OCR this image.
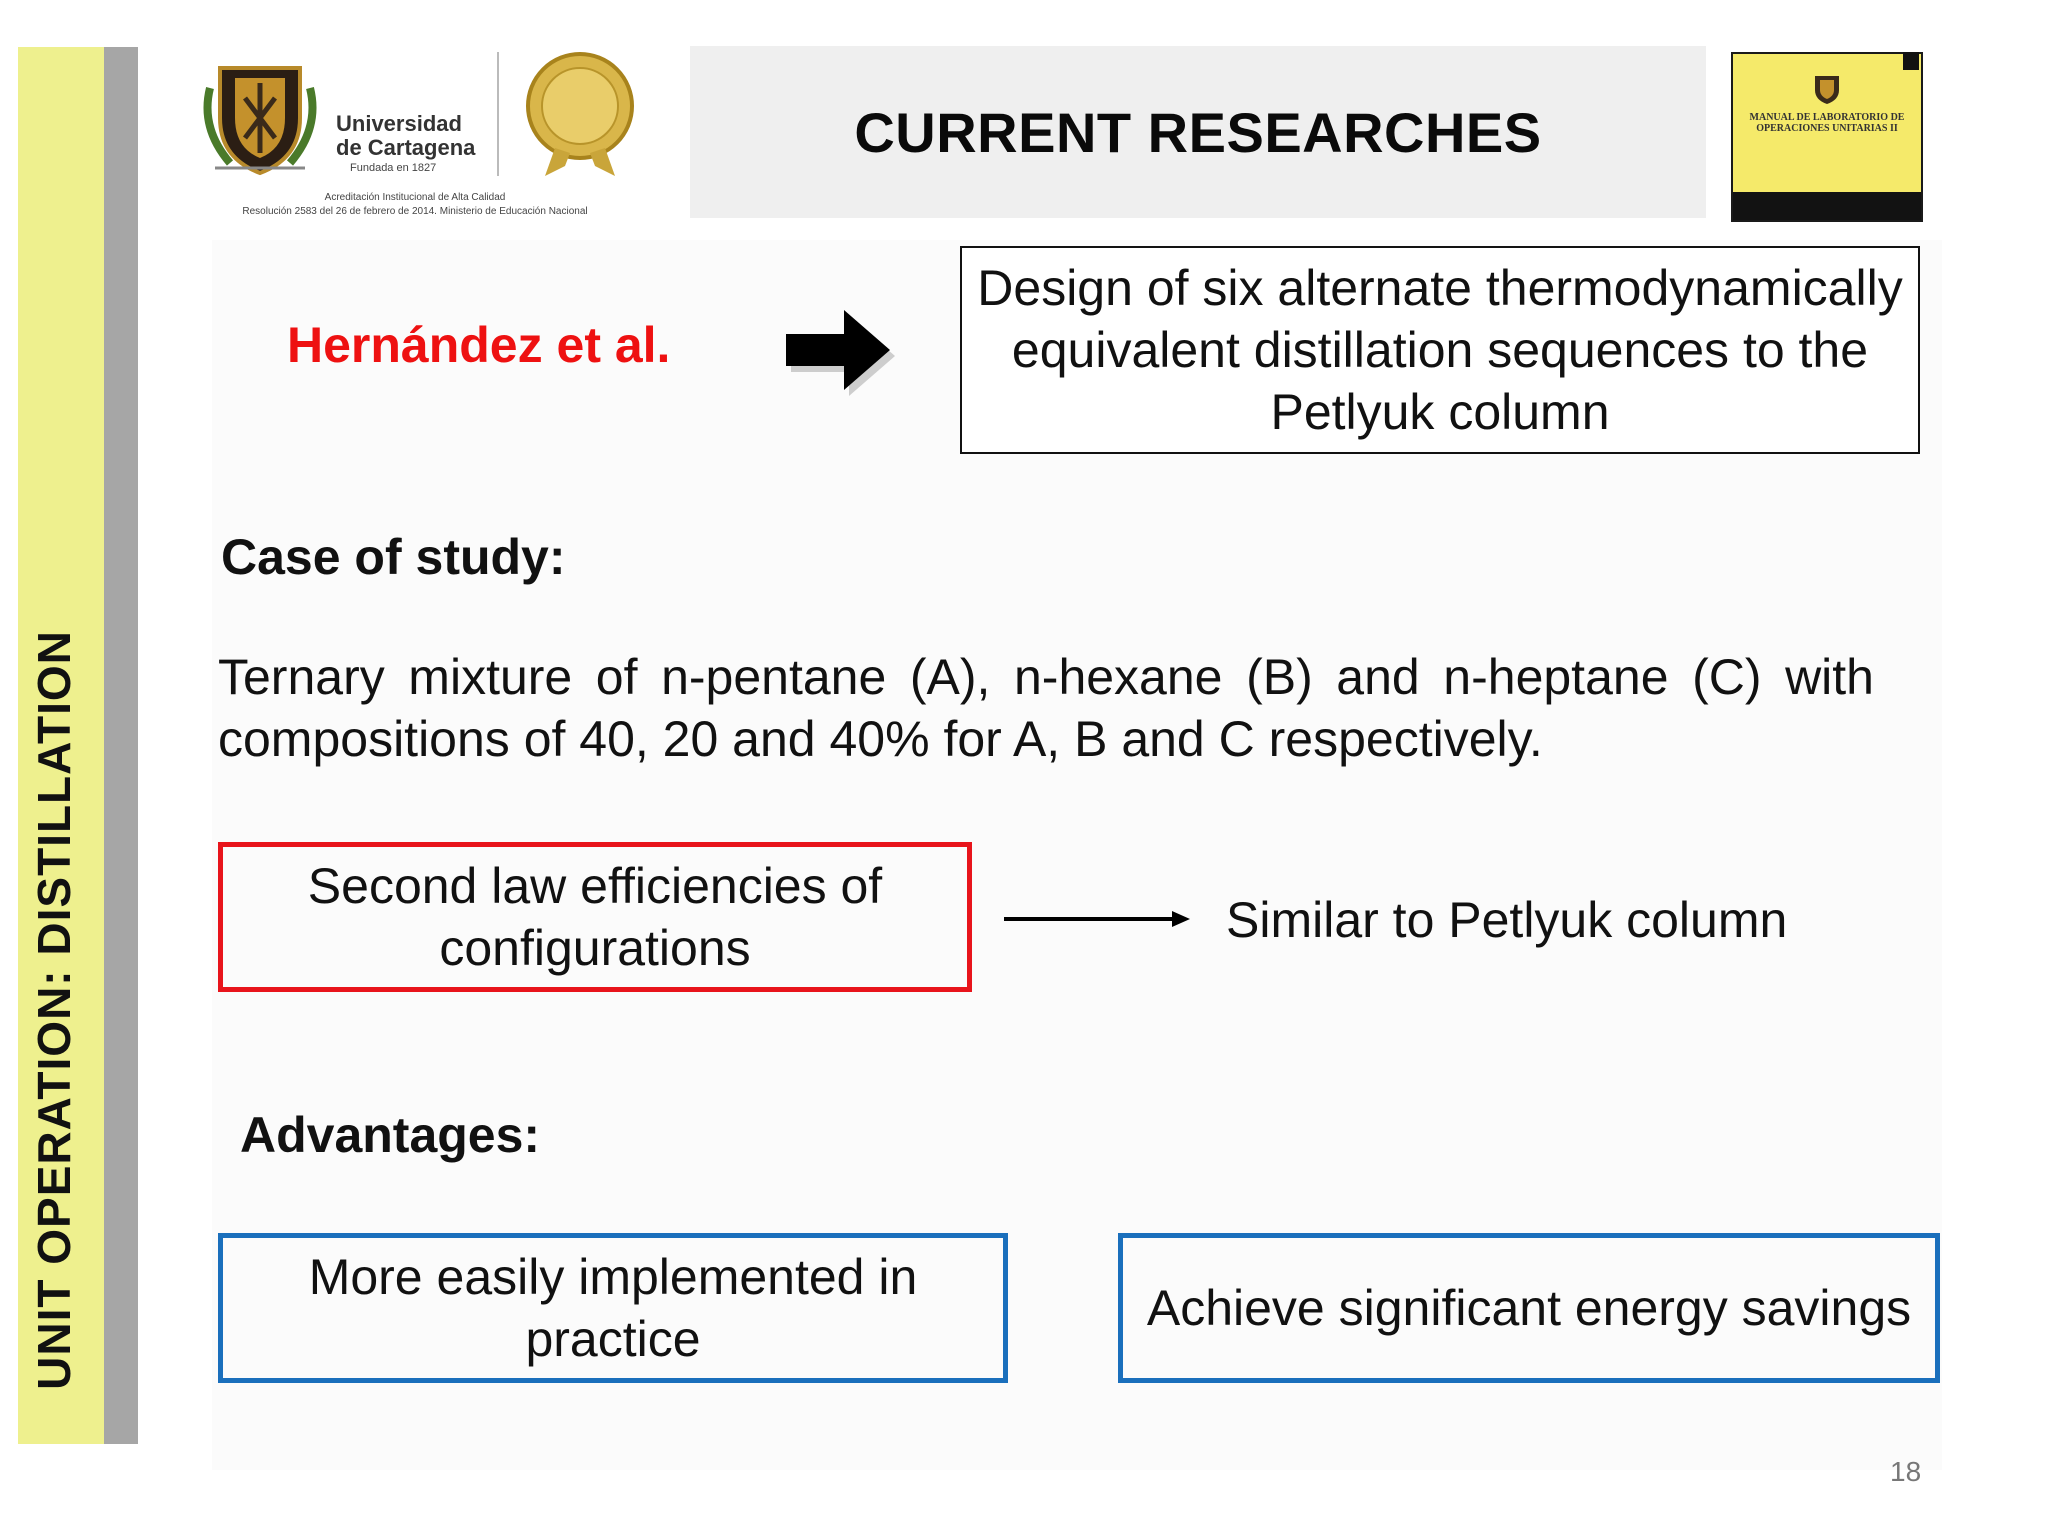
UNIT OPERATION: DISTILLATION
Universidad
de Cartagena
Fundada en 1827
Acreditación Institucional de Alta Calidad
Resolución 2583 del 26 de febrero de 2014. Ministerio de Educación Nacional
CURRENT RESEARCHES	MANUAL DE LABORATORIO DE OPERACIONES UNITARIAS II
Hernández et al.
Design of six alternate thermodynamically equivalent distillation sequences to the Petlyuk column
Case of study:
Ternary mixture of n-pentane (A), n-hexane (B) and n-heptane (C) with compositions of 40, 20 and 40% for A, B and C respectively.
Second law efficiencies of configurations	Similar to Petlyuk column
Advantages:
More easily implemented in practice
Achieve significant energy savings
18
